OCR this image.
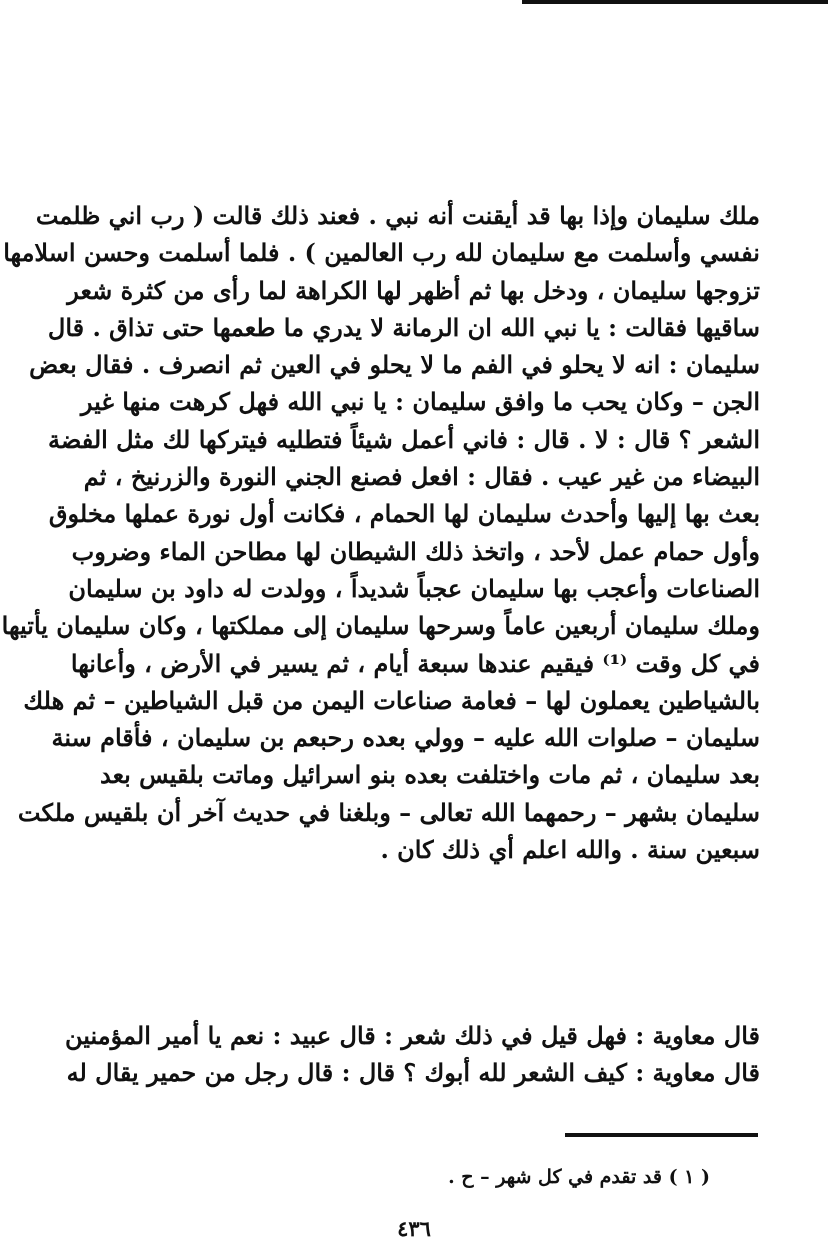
ملك سليمان وإذا بها قد أيقنت أنه نبي . فعند ذلك قالت ( رب اني ظلمت
نفسي وأسلمت مع سليمان لله رب العالمين ) . فلما أسلمت وحسن اسلامها
تزوجها سليمان ، ودخل بها ثم أظهر لها الكراهة لما رأى من كثرة شعر
ساقيها فقالت : يا نبي الله ان الرمانة لا يدري ما طعمها حتى تذاق . قال
سليمان : انه لا يحلو في الفم ما لا يحلو في العين ثم انصرف . فقال بعض
الجن – وكان يحب ما وافق سليمان : يا نبي الله فهل كرهت منها غير
الشعر ؟ قال : لا . قال : فاني أعمل شيئاً فتطليه فيتركها لك مثل الفضة
البيضاء من غير عيب . فقال : افعل فصنع الجني النورة والزرنيخ ، ثم
بعث بها إليها وأحدث سليمان لها الحمام ، فكانت أول نورة عملها مخلوق
وأول حمام عمل لأحد ، واتخذ ذلك الشيطان لها مطاحن الماء وضروب
الصناعات وأعجب بها سليمان عجباً شديداً ، وولدت له داود بن سليمان
وملك سليمان أربعين عاماً وسرحها سليمان إلى مملكتها ، وكان سليمان يأتيها
في كل وقت ⁽¹⁾ فيقيم عندها سبعة أيام ، ثم يسير في الأرض ، وأعانها
بالشياطين يعملون لها – فعامة صناعات اليمن من قبل الشياطين – ثم هلك
سليمان – صلوات الله عليه – وولي بعده رحبعم بن سليمان ، فأقام سنة
بعد سليمان ، ثم مات واختلفت بعده بنو اسرائيل وماتت بلقيس بعد
سليمان بشهر – رحمهما الله تعالى – وبلغنا في حديث آخر أن بلقيس ملكت
سبعين سنة . والله اعلم أي ذلك كان .
قال معاوية : فهل قيل في ذلك شعر : قال عبيد : نعم يا أمير المؤمنين
قال معاوية : كيف الشعر لله أبوك ؟ قال : قال رجل من حمير يقال له
( ١ ) قد تقدم في كل شهر – ح .
٤٣٦
